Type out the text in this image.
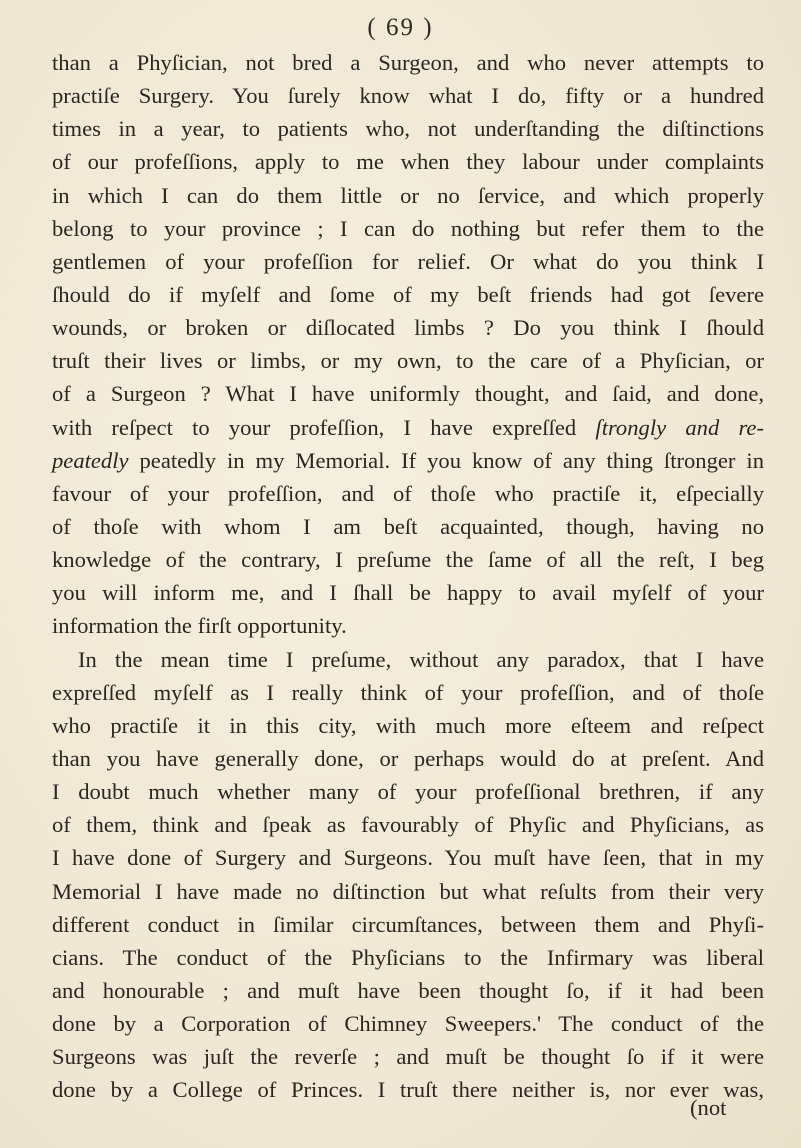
( 69 )
than a Phyſician, not bred a Surgeon, and who never attempts to
practiſe Surgery. You ſurely know what I do, fifty or a hundred
times in a year, to patients who, not underſtanding the diſtinctions
of our profeſſions, apply to me when they labour under complaints
in which I can do them little or no ſervice, and which properly
belong to your province ; I can do nothing but refer them to the
gentlemen of your profeſſion for relief. Or what do you think I
ſhould do if myſelf and ſome of my beſt friends had got ſevere
wounds, or broken or diſlocated limbs ? Do you think I ſhould
truſt their lives or limbs, or my own, to the care of a Phyſician, or
of a Surgeon ? What I have uniformly thought, and ſaid, and done,
with reſpect to your profeſſion, I have expreſſed ſtrongly and re-
peatedly peatedly in my Memorial. If you know of any thing ſtronger in
favour of your profeſſion, and of thoſe who practiſe it, eſpecially
of thoſe with whom I am beſt acquainted, though, having no
knowledge of the contrary, I preſume the ſame of all the reſt, I beg
you will inform me, and I ſhall be happy to avail myſelf of your
information the firſt opportunity.
In the mean time I preſume, without any paradox, that I have
expreſſed myſelf as I really think of your profeſſion, and of thoſe
who practiſe it in this city, with much more eſteem and reſpect
than you have generally done, or perhaps would do at preſent. And
I doubt much whether many of your profeſſional brethren, if any
of them, think and ſpeak as favourably of Phyſic and Phyſicians, as
I have done of Surgery and Surgeons. You muſt have ſeen, that in my
Memorial I have made no diſtinction but what reſults from their very
different conduct in ſimilar circumſtances, between them and Phyſi-
cians. The conduct of the Phyſicians to the Infirmary was liberal
and honourable ; and muſt have been thought ſo, if it had been
done by a Corporation of Chimney Sweepers.' The conduct of the
Surgeons was juſt the reverſe ; and muſt be thought ſo if it were
done by a College of Princes. I truſt there neither is, nor ever was,
(not
